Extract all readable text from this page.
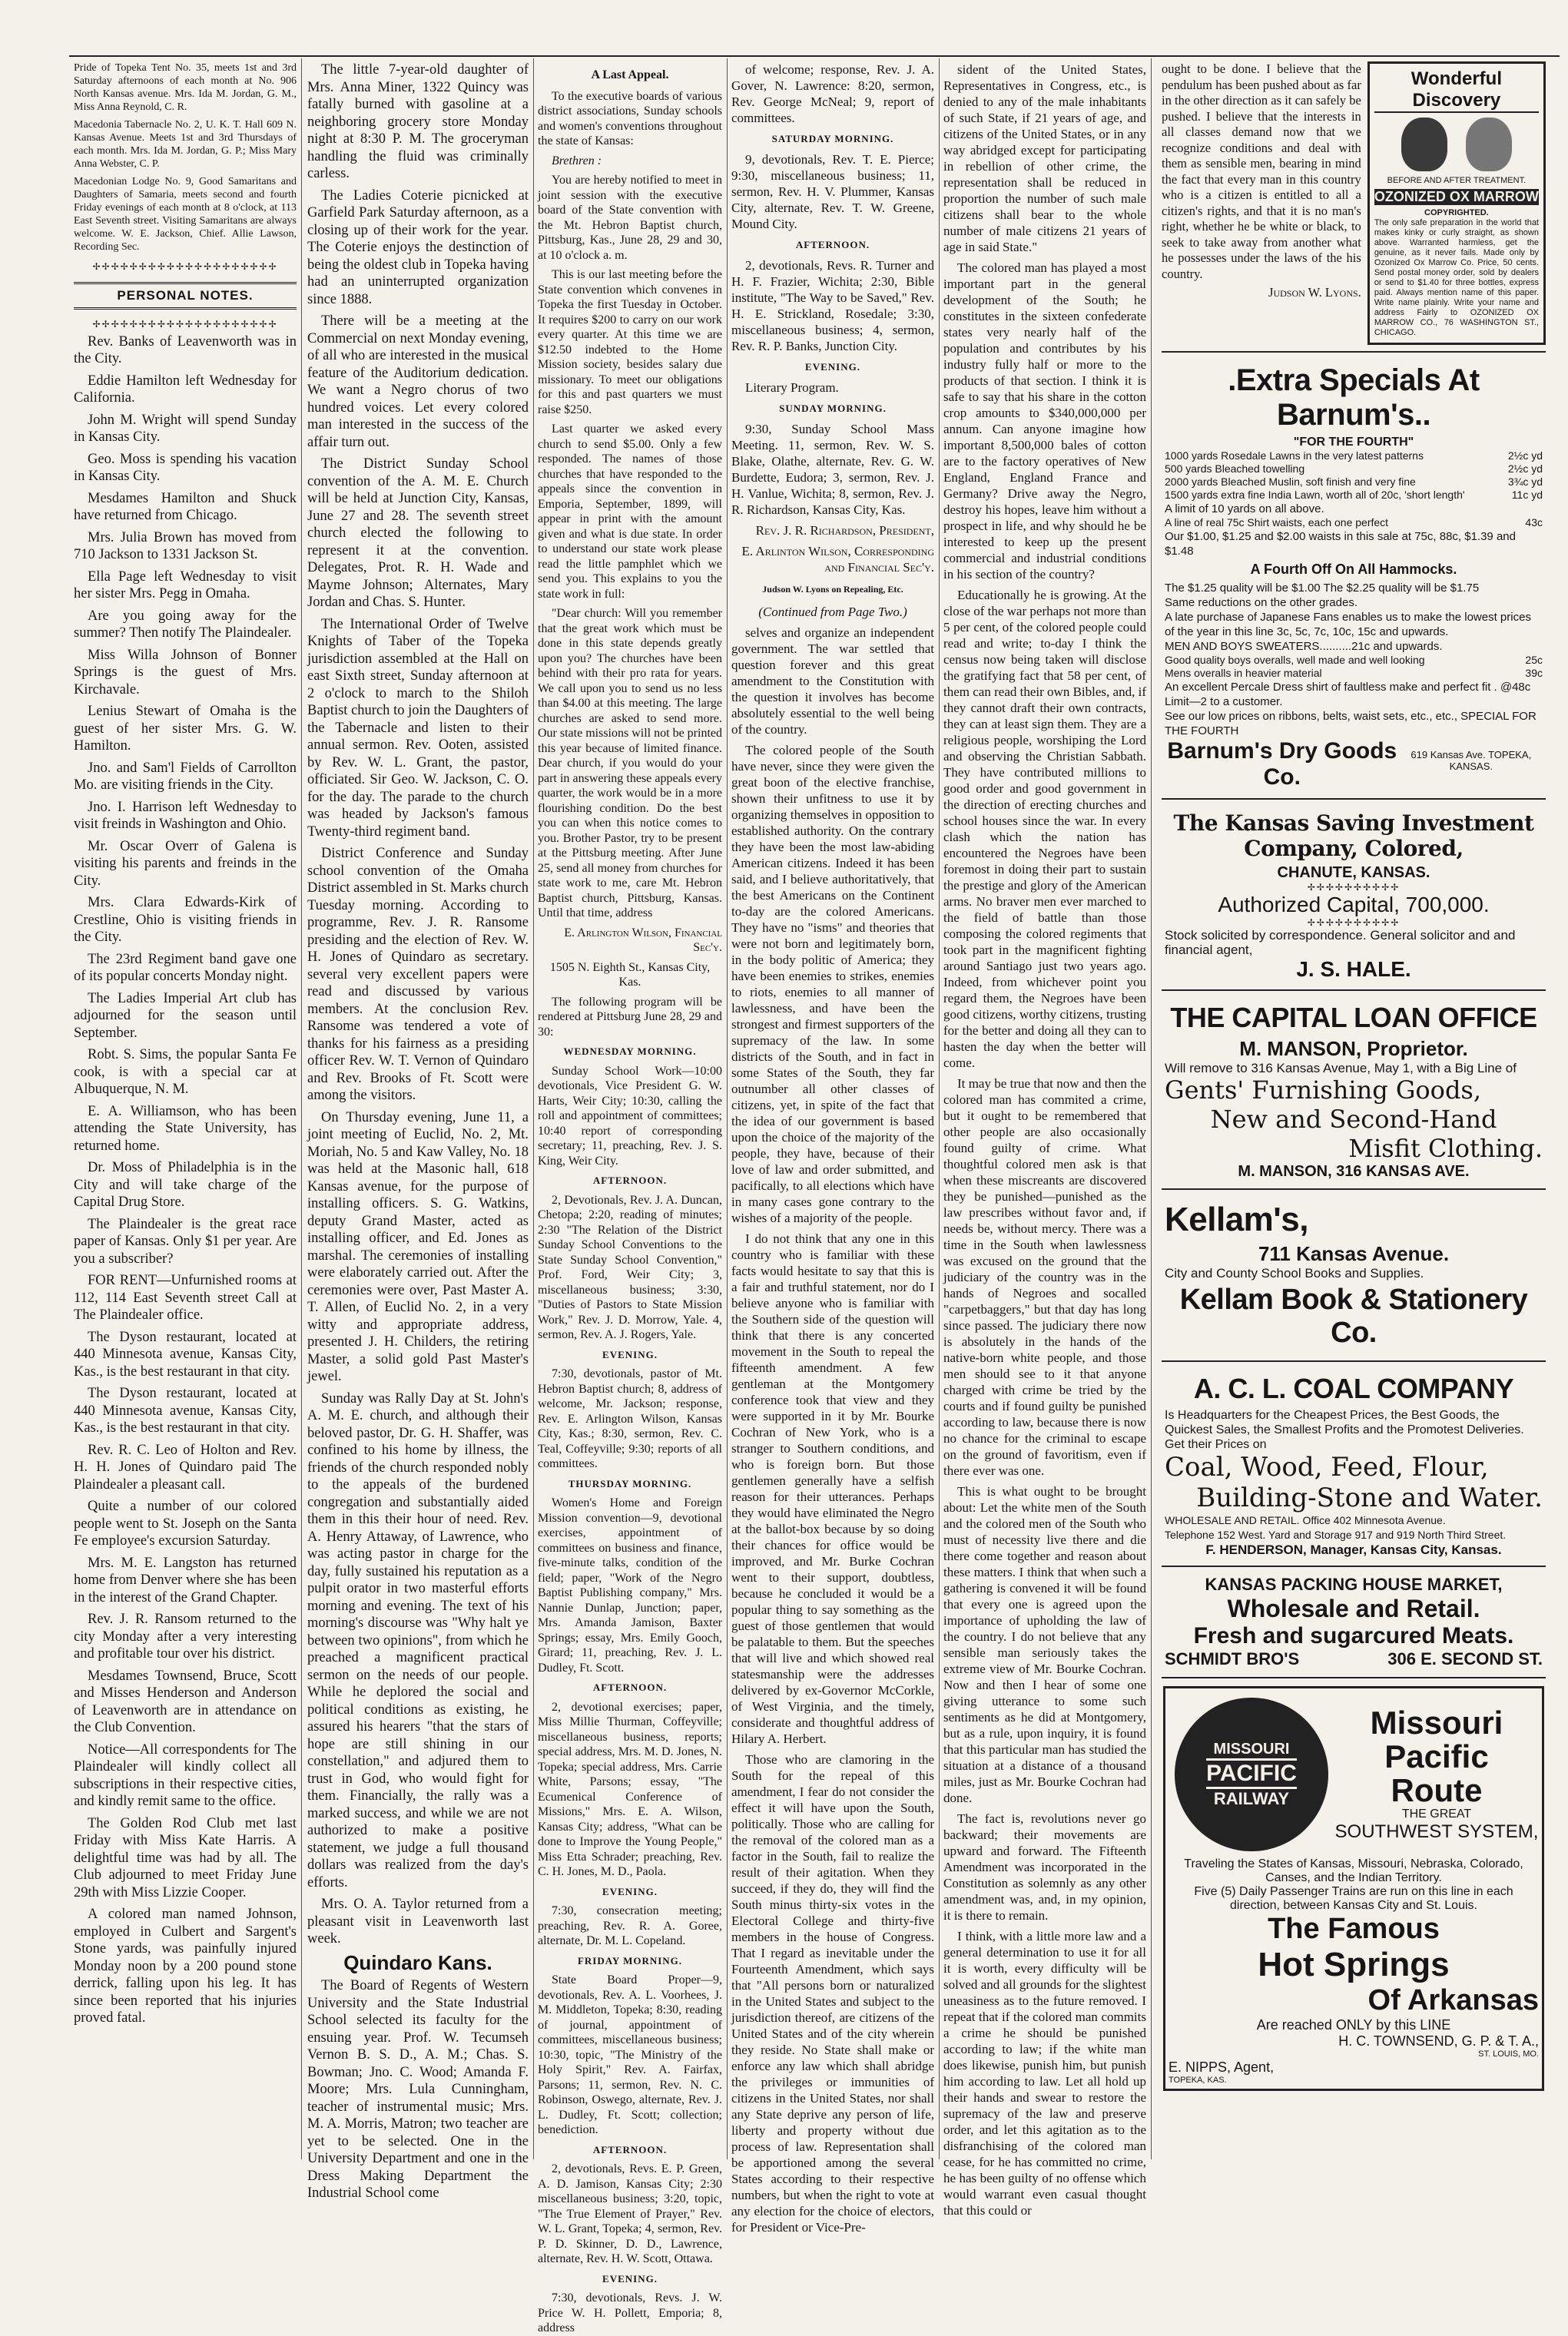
Pride of Topeka Tent No. 35, meets 1st and 3rd Saturday afternoons of each month at No. 906 North Kansas avenue. Mrs. Ida M. Jordan, G. M., Miss Anna Reynold, C. R.

Macedonia Tabernacle No. 2, U. K. T. Hall 609 N. Kansas Avenue. Meets 1st and 3rd Thursdays of each month. Mrs. Ida M. Jordan, G. P.; Miss Mary Anna Webster, C. P.

Macedonian Lodge No. 9, Good Samaritans and Daughters of Samaria, meets second and fourth Friday evenings of each month at 8 o'clock, at 113 East Seventh street. Visiting Samaritans are always welcome. W. E. Jackson, Chief. Allie Lawson, Recording Sec.

✢✢✢✢✢✢✢✢✢✢✢✢✢✢✢✢✢✢✢✢
PERSONAL NOTES.
✢✢✢✢✢✢✢✢✢✢✢✢✢✢✢✢✢✢✢✢

Rev. Banks of Leavenworth was in the City.

Eddie Hamilton left Wednesday for California.

John M. Wright will spend Sunday in Kansas City.

Geo. Moss is spending his vacation in Kansas City.

Mesdames Hamilton and Shuck have returned from Chicago.

Mrs. Julia Brown has moved from 710 Jackson to 1331 Jackson St.

Ella Page left Wednesday to visit her sister Mrs. Pegg in Omaha.

Are you going away for the summer? Then notify The Plaindealer.

Miss Willa Johnson of Bonner Springs is the guest of Mrs. Kirchavale.

Lenius Stewart of Omaha is the guest of her sister Mrs. G. W. Hamilton.

Jno. and Sam'l Fields of Carrollton Mo. are visiting friends in the City.

Jno. I. Harrison left Wednesday to visit freinds in Washington and Ohio.

Mr. Oscar Overr of Galena is visiting his parents and freinds in the City.

Mrs. Clara Edwards-Kirk of Crestline, Ohio is visiting friends in the City.

The 23rd Regiment band gave one of its popular concerts Monday night.

The Ladies Imperial Art club has adjourned for the season until September.

Robt. S. Sims, the popular Santa Fe cook, is with a special car at Albuquerque, N. M.

E. A. Williamson, who has been attending the State University, has returned home.

Dr. Moss of Philadelphia is in the City and will take charge of the Capital Drug Store.

The Plaindealer is the great race paper of Kansas. Only $1 per year. Are you a subscriber?

FOR RENT—Unfurnished rooms at 112, 114 East Seventh street Call at The Plaindealer office.

The Dyson restaurant, located at 440 Minnesota avenue, Kansas City, Kas., is the best restaurant in that city.

The Dyson restaurant, located at 440 Minnesota avenue, Kansas City, Kas., is the best restaurant in that city.

Rev. R. C. Leo of Holton and Rev. H. H. Jones of Quindaro paid The Plaindealer a pleasant call.

Quite a number of our colored people went to St. Joseph on the Santa Fe employee's excursion Saturday.

Mrs. M. E. Langston has returned home from Denver where she has been in the interest of the Grand Chapter.

Rev. J. R. Ransom returned to the city Monday after a very interesting and profitable tour over his district.

Mesdames Townsend, Bruce, Scott and Misses Henderson and Anderson of Leavenworth are in attendance on the Club Convention.

Notice—All correspondents for The Plaindealer will kindly collect all subscriptions in their respective cities, and kindly remit same to the office.

The Golden Rod Club met last Friday with Miss Kate Harris. A delightful time was had by all. The Club adjourned to meet Friday June 29th with Miss Lizzie Cooper.

A colored man named Johnson, employed in Culbert and Sargent's Stone yards, was painfully injured Monday noon by a 200 pound stone derrick, falling upon his leg. It has since been reported that his injuries proved fatal.

The little 7-year-old daughter of Mrs. Anna Miner, 1322 Quincy was fatally burned with gasoline at a neighboring grocery store Monday night at 8:30 P. M. The groceryman handling the fluid was criminally carless.

The Ladies Coterie picnicked at Garfield Park Saturday afternoon, as a closing up of their work for the year. The Coterie enjoys the destinction of being the oldest club in Topeka having had an uninterrupted organization since 1888.

There will be a meeting at the Commercial on next Monday evening, of all who are interested in the musical feature of the Auditorium dedication. We want a Negro chorus of two hundred voices. Let every colored man interested in the success of the affair turn out.

The District Sunday School convention of the A. M. E. Church will be held at Junction City, Kansas, June 27 and 28. The seventh street church elected the following to represent it at the convention. Delegates, Prot. R. H. Wade and Mayme Johnson; Alternates, Mary Jordan and Chas. S. Hunter.

The International Order of Twelve Knights of Taber of the Topeka jurisdiction assembled at the Hall on east Sixth street, Sunday afternoon at 2 o'clock to march to the Shiloh Baptist church to join the Daughters of the Tabernacle and listen to their annual sermon. Rev. Ooten, assisted by Rev. W. L. Grant, the pastor, officiated. Sir Geo. W. Jackson, C. O. for the day. The parade to the church was headed by Jackson's famous Twenty-third regiment band.

District Conference and Sunday school convention of the Omaha District assembled in St. Marks church Tuesday morning. According to programme, Rev. J. R. Ransome presiding and the election of Rev. W. H. Jones of Quindaro as secretary. several very excellent papers were read and discussed by various members. At the conclusion Rev. Ransome was tendered a vote of thanks for his fairness as a presiding officer Rev. W. T. Vernon of Quindaro and Rev. Brooks of Ft. Scott were among the visitors.

On Thursday evening, June 11, a joint meeting of Euclid, No. 2, Mt. Moriah, No. 5 and Kaw Valley, No. 18 was held at the Masonic hall, 618 Kansas avenue, for the purpose of installing officers. S. G. Watkins, deputy Grand Master, acted as installing officer, and Ed. Jones as marshal. The ceremonies of installing were elaborately carried out. After the ceremonies were over, Past Master A. T. Allen, of Euclid No. 2, in a very witty and appropriate address, presented J. H. Childers, the retiring Master, a solid gold Past Master's jewel.

Sunday was Rally Day at St. John's A. M. E. church, and although their beloved pastor, Dr. G. H. Shaffer, was confined to his home by illness, the friends of the church responded nobly to the appeals of the burdened congregation and substantially aided them in this their hour of need. Rev. A. Henry Attaway, of Lawrence, who was acting pastor in charge for the day, fully sustained his reputation as a pulpit orator in two masterful efforts morning and evening. The text of his morning's discourse was "Why halt ye between two opinions", from which he preached a magnificent practical sermon on the needs of our people. While he deplored the social and political conditions as existing, he assured his hearers "that the stars of hope are still shining in our constellation," and adjured them to trust in God, who would fight for them. Financially, the rally was a marked success, and while we are not authorized to make a positive statement, we judge a full thousand dollars was realized from the day's efforts.

Mrs. O. A. Taylor returned from a pleasant visit in Leavenworth last week.

Quindaro Kans.

The Board of Regents of Western University and the State Industrial School selected its faculty for the ensuing year. Prof. W. Tecumseh Vernon B. S. D., A. M.; Chas. S. Bowman; Jno. C. Wood; Amanda F. Moore; Mrs. Lula Cunningham, teacher of instrumental music; Mrs. M. A. Morris, Matron; two teacher are yet to be selected. One in the University Department and one in the Dress Making Department the Industrial School come

A Last Appeal.

To the executive boards of various district associations, Sunday schools and women's conventions throughout the state of Kansas:

Brethren :

You are hereby notified to meet in joint session with the executive board of the State convention with the Mt. Hebron Baptist church, Pittsburg, Kas., June 28, 29 and 30, at 10 o'clock a. m.

This is our last meeting before the State convention which convenes in Topeka the first Tuesday in October. It requires $200 to carry on our work every quarter. At this time we are $12.50 indebted to the Home Mission society, besides salary due missionary. To meet our obligations for this and past quarters we must raise $250.

Last quarter we asked every church to send $5.00. Only a few responded. The names of those churches that have responded to the appeals since the convention in Emporia, September, 1899, will appear in print with the amount given and what is due state. In order to understand our state work please read the little pamphlet which we send you. This explains to you the state work in full:

"Dear church: Will you remember that the great work which must be done in this state depends greatly upon you? The churches have been behind with their pro rata for years. We call upon you to send us no less than $4.00 at this meeting. The large churches are asked to send more. Our state missions will not be printed this year because of limited finance. Dear church, if you would do your part in answering these appeals every quarter, the work would be in a more flourishing condition. Do the best you can when this notice comes to you. Brother Pastor, try to be present at the Pittsburg meeting. After June 25, send all money from churches for state work to me, care Mt. Hebron Baptist church, Pittsburg, Kansas. Until that time, address

E. Arlington Wilson, Financial Sec'y.

1505 N. Eighth St., Kansas City, Kas.

The following program will be rendered at Pittsburg June 28, 29 and 30:

WEDNESDAY MORNING.

Sunday School Work—10:00 devotionals, Vice President G. W. Harts, Weir City; 10:30, calling the roll and appointment of committees; 10:40 report of corresponding secretary; 11, preaching, Rev. J. S. King, Weir City.

AFTERNOON.

2, Devotionals, Rev. J. A. Duncan, Chetopa; 2:20, reading of minutes; 2:30 "The Relation of the District Sunday School Conventions to the State Sunday School Convention," Prof. Ford, Weir City; 3, miscellaneous business; 3:30, "Duties of Pastors to State Mission Work," Rev. J. D. Morrow, Yale. 4, sermon, Rev. A. J. Rogers, Yale.

EVENING.

7:30, devotionals, pastor of Mt. Hebron Baptist church; 8, address of welcome, Mr. Jackson; response, Rev. E. Arlington Wilson, Kansas City, Kas.; 8:30, sermon, Rev. C. Teal, Coffeyville; 9:30; reports of all committees.

THURSDAY MORNING.

Women's Home and Foreign Mission convention—9, devotional exercises, appointment of committees on business and finance, five-minute talks, condition of the field; paper, "Work of the Negro Baptist Publishing company," Mrs. Nannie Dunlap, Junction; paper, Mrs. Amanda Jamison, Baxter Springs; essay, Mrs. Emily Gooch, Girard; 11, preaching, Rev. J. L. Dudley, Ft. Scott.

AFTERNOON.

2, devotional exercises; paper, Miss Millie Thurman, Coffeyville; miscellaneous business, reports; special address, Mrs. M. D. Jones, N. Topeka; special address, Mrs. Carrie White, Parsons; essay, "The Ecumenical Conference of Missions," Mrs. E. A. Wilson, Kansas City; address, "What can be done to Improve the Young People," Miss Etta Schrader; preaching, Rev. C. H. Jones, M. D., Paola.

EVENING.

7:30, consecration meeting; preaching, Rev. R. A. Goree, alternate, Dr. M. L. Copeland.

FRIDAY MORNING.

State Board Proper—9, devotionals, Rev. A. L. Voorhees, J. M. Middleton, Topeka; 8:30, reading of journal, appointment of committees, miscellaneous business; 10:30, topic, "The Ministry of the Holy Spirit," Rev. A. Fairfax, Parsons; 11, sermon, Rev. N. C. Robinson, Oswego, alternate, Rev. J. L. Dudley, Ft. Scott; collection; benediction.

AFTERNOON.

2, devotionals, Revs. E. P. Green, A. D. Jamison, Kansas City; 2:30 miscellaneous business; 3:20, topic, "The True Element of Prayer," Rev. W. L. Grant, Topeka; 4, sermon, Rev. P. D. Skinner, D. D., Lawrence, alternate, Rev. H. W. Scott, Ottawa.

EVENING.

7:30, devotionals, Revs. J. W. Price W. H. Pollett, Emporia; 8, address

of welcome; response, Rev. J. A. Gover, N. Lawrence: 8:20, sermon, Rev. George McNeal; 9, report of committees.

SATURDAY MORNING.

9, devotionals, Rev. T. E. Pierce; 9:30, miscellaneous business; 11, sermon, Rev. H. V. Plummer, Kansas City, alternate, Rev. T. W. Greene, Mound City.

AFTERNOON.

2, devotionals, Revs. R. Turner and H. F. Frazier, Wichita; 2:30, Bible institute, "The Way to be Saved," Rev. H. E. Strickland, Rosedale; 3:30, miscellaneous business; 4, sermon, Rev. R. P. Banks, Junction City.

EVENING.

Literary Program.

SUNDAY MORNING.

9:30, Sunday School Mass Meeting. 11, sermon, Rev. W. S. Blake, Olathe, alternate, Rev. G. W. Burdette, Eudora; 3, sermon, Rev. J. H. Vanlue, Wichita; 8, sermon, Rev. J. R. Richardson, Kansas City, Kas.

Rev. J. R. Richardson, President,

E. Arlinton Wilson, Corresponding and Financial Sec'y.

Judson W. Lyons on Repealing, Etc.
(Continued from Page Two.)

selves and organize an independent government. The war settled that question forever and this great amendment to the Constitution with the question it involves has become absolutely essential to the well being of the country.

The colored people of the South have never, since they were given the great boon of the elective franchise, shown their unfitness to use it by organizing themselves in opposition to established authority. On the contrary they have been the most law-abiding American citizens. Indeed it has been said, and I believe authoritatively, that the best Americans on the Continent to-day are the colored Americans. They have no "isms" and theories that were not born and legitimately born, in the body politic of America; they have been enemies to strikes, enemies to riots, enemies to all manner of lawlessness, and have been the strongest and firmest supporters of the supremacy of the law. In some districts of the South, and in fact in some States of the South, they far outnumber all other classes of citizens, yet, in spite of the fact that the idea of our government is based upon the choice of the majority of the people, they have, because of their love of law and order submitted, and pacifically, to all elections which have in many cases gone contrary to the wishes of a majority of the people.

I do not think that any one in this country who is familiar with these facts would hesitate to say that this is a fair and truthful statement, nor do I believe anyone who is familiar with the Southern side of the question will think that there is any concerted movement in the South to repeal the fifteenth amendment. A few gentleman at the Montgomery conference took that view and they were supported in it by Mr. Bourke Cochran of New York, who is a stranger to Southern conditions, and who is foreign born. But those gentlemen generally have a selfish reason for their utterances. Perhaps they would have eliminated the Negro at the ballot-box because by so doing their chances for office would be improved, and Mr. Burke Cochran went to their support, doubtless, because he concluded it would be a popular thing to say something as the guest of those gentlemen that would be palatable to them. But the speeches that will live and which showed real statesmanship were the addresses delivered by ex-Governor McCorkle, of West Virginia, and the timely, considerate and thoughtful address of Hilary A. Herbert.

Those who are clamoring in the South for the repeal of this amendment, I fear do not consider the effect it will have upon the South, politically. Those who are calling for the removal of the colored man as a factor in the South, fail to realize the result of their agitation. When they succeed, if they do, they will find the South minus thirty-six votes in the Electoral College and thirty-five members in the house of Congress. That I regard as inevitable under the Fourteenth Amendment, which says that "All persons born or naturalized in the United States and subject to the jurisdiction thereof, are citizens of the United States and of the city wherein they reside. No State shall make or enforce any law which shall abridge the privileges or immunities of citizens in the United States, nor shall any State deprive any person of life, liberty and property without due process of law. Representation shall be apportioned among the several States according to their respective numbers, but when the right to vote at any election for the choice of electors, for President or Vice-Pre-

sident of the United States, Representatives in Congress, etc., is denied to any of the male inhabitants of such State, if 21 years of age, and citizens of the United States, or in any way abridged except for participating in rebellion of other crime, the representation shall be reduced in proportion the number of such male citizens shall bear to the whole number of male citizens 21 years of age in said State."

The colored man has played a most important part in the general development of the South; he constitutes in the sixteen confederate states very nearly half of the population and contributes by his industry fully half or more to the products of that section. I think it is safe to say that his share in the cotton crop amounts to $340,000,000 per annum. Can anyone imagine how important 8,500,000 bales of cotton are to the factory operatives of New England, England France and Germany? Drive away the Negro, destroy his hopes, leave him without a prospect in life, and why should he be interested to keep up the present commercial and industrial conditions in his section of the country?

Educationally he is growing. At the close of the war perhaps not more than 5 per cent, of the colored people could read and write; to-day I think the census now being taken will disclose the gratifying fact that 58 per cent, of them can read their own Bibles, and, if they cannot draft their own contracts, they can at least sign them. They are a religious people, worshiping the Lord and observing the Christian Sabbath. They have contributed millions to good order and good government in the direction of erecting churches and school houses since the war. In every clash which the nation has encountered the Negroes have been foremost in doing their part to sustain the prestige and glory of the American arms. No braver men ever marched to the field of battle than those composing the colored regiments that took part in the magnificent fighting around Santiago just two years ago. Indeed, from whichever point you regard them, the Negroes have been good citizens, worthy citizens, trusting for the better and doing all they can to hasten the day when the better will come.

It may be true that now and then the colored man has commited a crime, but it ought to be remembered that other people are also occasionally found guilty of crime. What thoughtful colored men ask is that when these miscreants are discovered they be punished—punished as the law prescribes without favor and, if needs be, without mercy. There was a time in the South when lawlessness was excused on the ground that the judiciary of the country was in the hands of Negroes and socalled "carpetbaggers," but that day has long since passed. The judiciary there now is absolutely in the hands of the native-born white people, and those men should see to it that anyone charged with crime be tried by the courts and if found guilty be punished according to law, because there is now no chance for the criminal to escape on the ground of favoritism, even if there ever was one.

This is what ought to be brought about: Let the white men of the South and the colored men of the South who must of necessity live there and die there come together and reason about these matters. I think that when such a gathering is convened it will be found that every one is agreed upon the importance of upholding the law of the country. I do not believe that any sensible man seriously takes the extreme view of Mr. Bourke Cochran. Now and then I hear of some one giving utterance to some such sentiments as he did at Montgomery, but as a rule, upon inquiry, it is found that this particular man has studied the situation at a distance of a thousand miles, just as Mr. Bourke Cochran had done.

The fact is, revolutions never go backward; their movements are upward and forward. The Fifteenth Amendment was incorporated in the Constitution as solemnly as any other amendment was, and, in my opinion, it is there to remain.

I think, with a little more law and a general determination to use it for all it is worth, every difficulty will be solved and all grounds for the slightest uneasiness as to the future removed. I repeat that if the colored man commits a crime he should be punished according to law; if the white man does likewise, punish him, but punish him according to law. Let all hold up their hands and swear to restore the supremacy of the law and preserve order, and let this agitation as to the disfranchising of the colored man cease, for he has committed no crime, he has been guilty of no offense which would warrant even casual thought that this could or

ought to be done. I believe that the pendulum has been pushed about as far in the other direction as it can safely be pushed. I believe that the interests in all classes demand now that we recognize conditions and deal with them as sensible men, bearing in mind the fact that every man in this country who is a citizen is entitled to all a citizen's rights, and that it is no man's right, whether he be white or black, to seek to take away from another what he possesses under the laws of the his country.

Judson W. Lyons.

Wonderful Discovery
BEFORE AND AFTER TREATMENT.
OZONIZED OX MARROW
COPYRIGHTED.
The only safe preparation in the world that makes kinky or curly straight, as shown above. Warranted harmless, get the genuine, as it never fails. Made only by Ozonized Ox Marrow Co. Price, 50 cents. Send postal money order, sold by dealers or send to $1.40 for three bottles, express paid. Always mention name of this paper. Write name plainly. Write your name and address Fairly to OZONIZED OX MARROW CO., 76 WASHINGTON ST., CHICAGO.
.Extra Specials At Barnum's..
"FOR THE FOURTH"
1000 yards Rosedale Lawns in the very latest patterns	2½c yd
500 yards Bleached towelling	2½c yd
2000 yards Bleached Muslin, soft finish and very fine	3¾c yd
1500 yards extra fine India Lawn, worth all of 20c, 'short length'	11c yd
A limit of 10 yards on all above.
A line of real 75c Shirt waists, each one perfect	43c
Our $1.00, $1.25 and $2.00 waists in this sale at 75c, 88c, $1.39 and $1.48
A Fourth Off On All Hammocks.
The $1.25 quality will be $1.00 The $2.25 quality will be $1.75
Same reductions on the other grades.
A late purchase of Japanese Fans enables us to make the lowest prices of the year in this line 3c, 5c, 7c, 10c, 15c and upwards.
MEN AND BOYS SWEATERS..........21c and upwards.
Good quality boys overalls, well made and well looking	25c
Mens overalls in heavier material	39c
An excellent Percale Dress shirt of faultless make and perfect fit . @48c
Limit—2 to a customer.
See our low prices on ribbons, belts, waist sets, etc., etc., SPECIAL FOR THE FOURTH
Barnum's Dry Goods Co.
619 Kansas Ave. TOPEKA, KANSAS.
The Kansas Saving Investment Company, Colored,
CHANUTE, KANSAS.
✢✢✢✢✢✢✢✢✢✢
Authorized Capital, 700,000.
✢✢✢✢✢✢✢✢✢✢
Stock solicited by correspondence. General solicitor and and financial agent,
J. S. HALE.
THE CAPITAL LOAN OFFICE
M. MANSON, Proprietor.
Will remove to 316 Kansas Avenue, May 1, with a Big Line of
Gents' Furnishing Goods,
New and Second-Hand
Misfit Clothing.
M. MANSON, 316 KANSAS AVE.
Kellam's,
711 Kansas Avenue.
City and County School Books and Supplies.
Kellam Book & Stationery Co.
A. C. L. COAL COMPANY
Is Headquarters for the Cheapest Prices, the Best Goods, the Quickest Sales, the Smallest Profits and the Promotest Deliveries.
Get their Prices on
Coal, Wood, Feed, Flour,
Building-Stone and Water.
WHOLESALE AND RETAIL. Office 402 Minnesota Avenue.
Telephone 152 West. Yard and Storage 917 and 919 North Third Street.
F. HENDERSON, Manager, Kansas City, Kansas.
KANSAS PACKING HOUSE MARKET,
Wholesale and Retail.
Fresh and sugarcured Meats.
SCHMIDT BRO'S	306 E. SECOND ST.
MISSOURI
PACIFIC
RAILWAY
Missouri Pacific Route
THE GREAT
SOUTHWEST SYSTEM,
Traveling the States of Kansas, Missouri, Nebraska, Colorado, Canses, and the Indian Territory.
Five (5) Daily Passenger Trains are run on this line in each direction, between Kansas City and St. Louis.
The Famous
Hot Springs
Of Arkansas
Are reached ONLY by this LINE
H. C. TOWNSEND, G. P. & T. A.,
ST. LOUIS, MO.
E. NIPPS, Agent,
TOPEKA, KAS.
